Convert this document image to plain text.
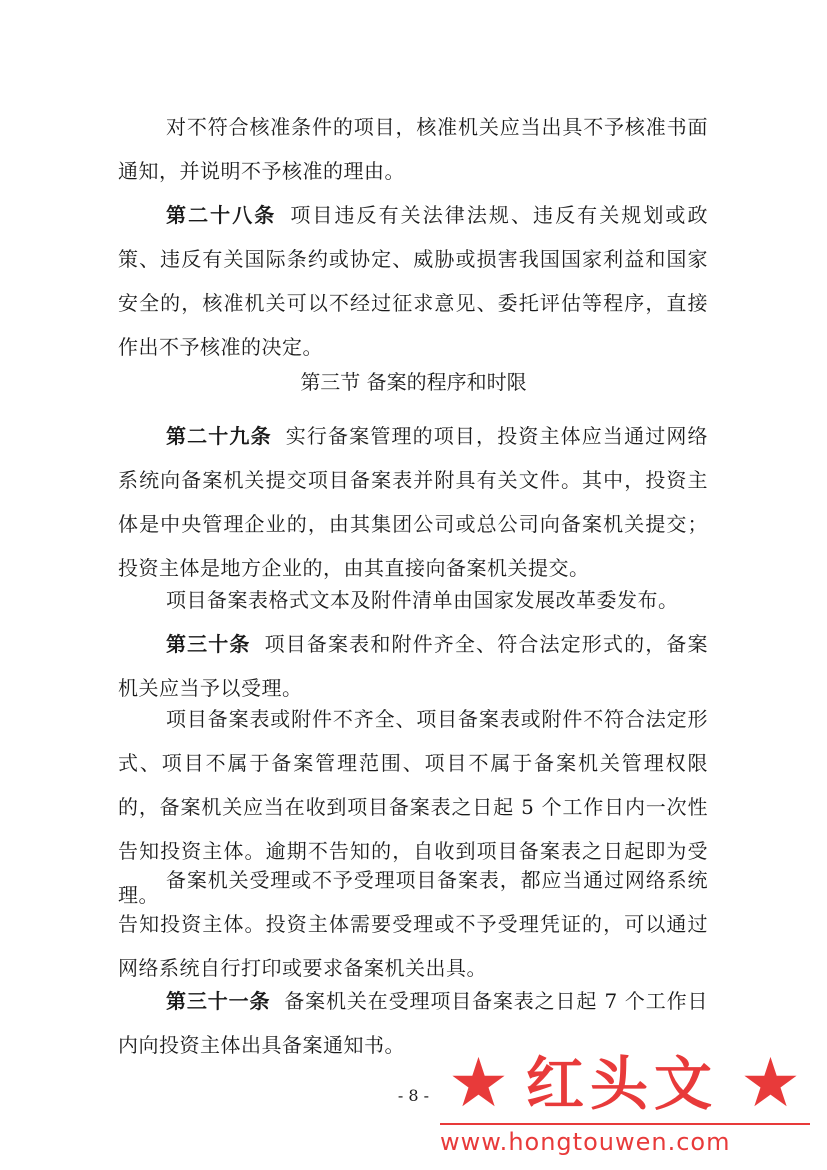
对不符合核准条件的项目，核准机关应当出具不予核准书面通知，并说明不予核准的理由。

第二十八条 项目违反有关法律法规、违反有关规划或政策、违反有关国际条约或协定、威胁或损害我国国家利益和国家安全的，核准机关可以不经过征求意见、委托评估等程序，直接作出不予核准的决定。

第三节 备案的程序和时限

第二十九条 实行备案管理的项目，投资主体应当通过网络系统向备案机关提交项目备案表并附具有关文件。其中，投资主体是中央管理企业的，由其集团公司或总公司向备案机关提交；投资主体是地方企业的，由其直接向备案机关提交。

项目备案表格式文本及附件清单由国家发展改革委发布。

第三十条 项目备案表和附件齐全、符合法定形式的，备案机关应当予以受理。

项目备案表或附件不齐全、项目备案表或附件不符合法定形式、项目不属于备案管理范围、项目不属于备案机关管理权限的，备案机关应当在收到项目备案表之日起 5 个工作日内一次性告知投资主体。逾期不告知的，自收到项目备案表之日起即为受理。

备案机关受理或不予受理项目备案表，都应当通过网络系统告知投资主体。投资主体需要受理或不予受理凭证的，可以通过网络系统自行打印或要求备案机关出具。

第三十一条 备案机关在受理项目备案表之日起 7 个工作日内向投资主体出具备案通知书。

- 8 - ★ 红头文 ★
www.hongtouwen.com
